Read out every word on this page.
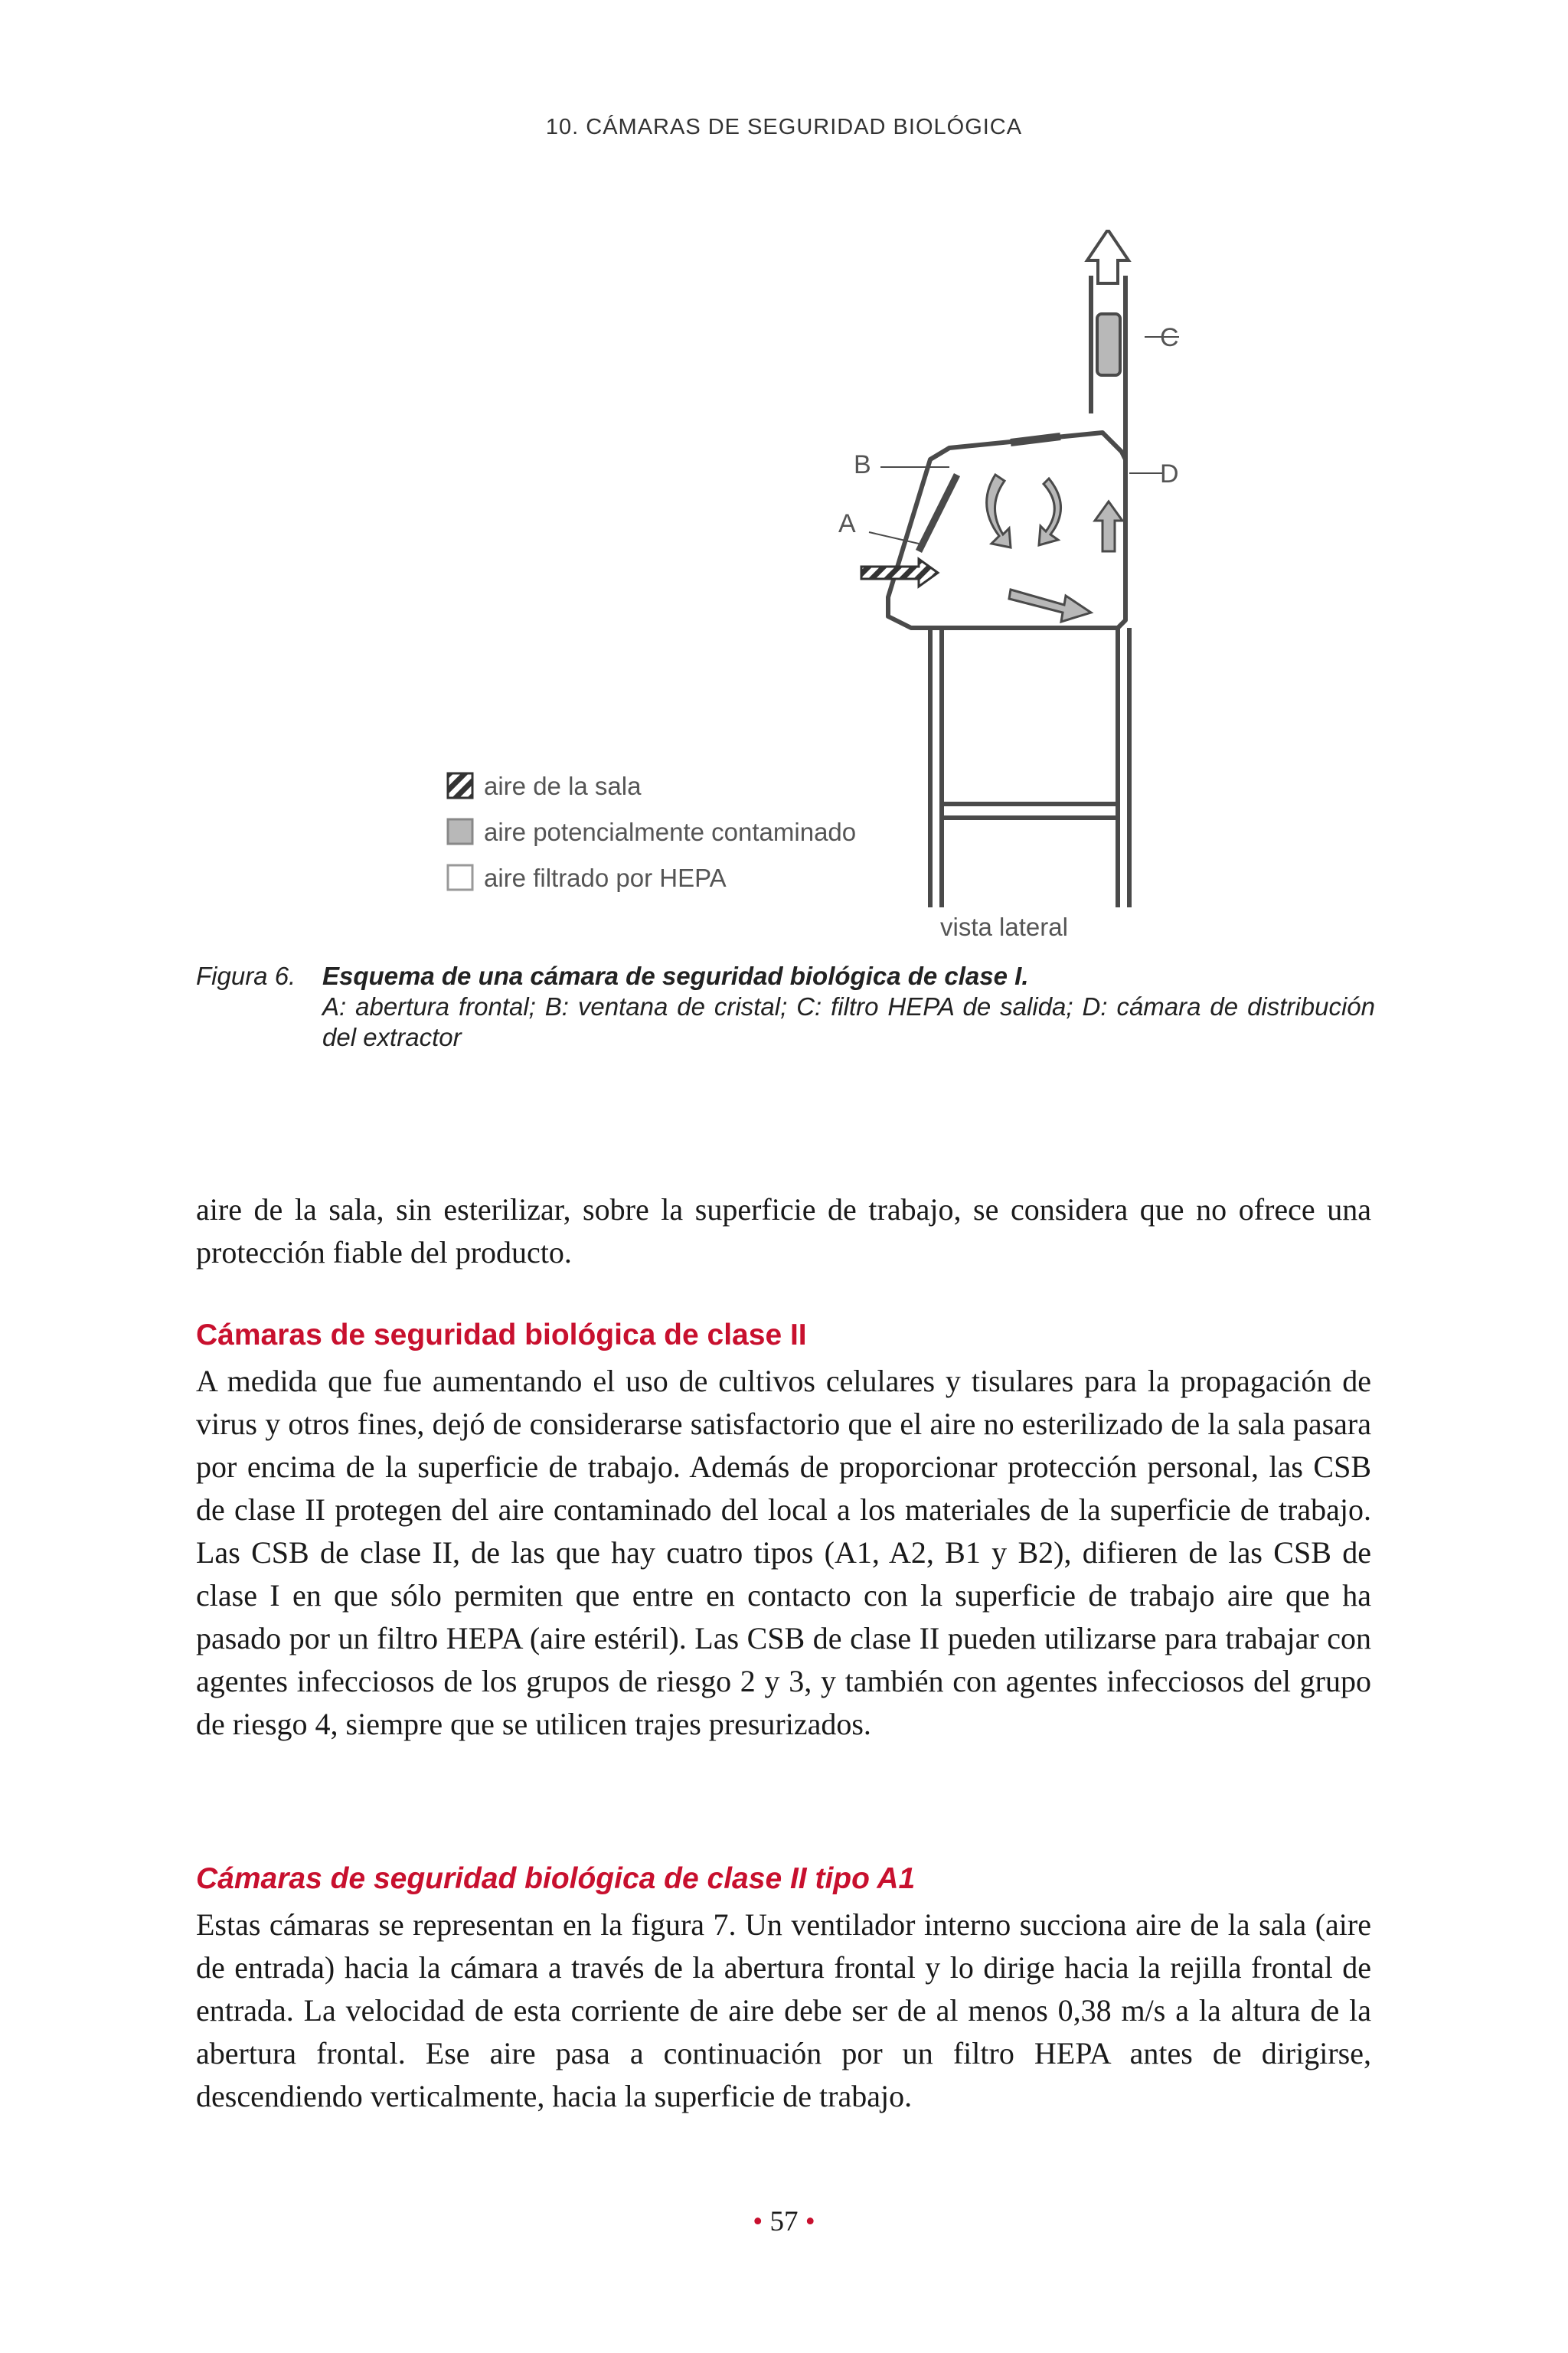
10. CÁMARAS DE SEGURIDAD BIOLÓGICA
B
A
C
D
aire de la sala
aire potencialmente contaminado
aire filtrado por HEPA
vista lateral
Figura 6. Esquema de una cámara de seguridad biológica de clase I.
A: abertura frontal; B: ventana de cristal; C: filtro HEPA de salida; D: cámara de distribución del extractor

aire de la sala, sin esterilizar, sobre la superficie de trabajo, se considera que no ofrece una protección fiable del producto.

Cámaras de seguridad biológica de clase II

A medida que fue aumentando el uso de cultivos celulares y tisulares para la propagación de virus y otros fines, dejó de considerarse satisfactorio que el aire no esterilizado de la sala pasara por encima de la superficie de trabajo. Además de proporcionar protección personal, las CSB de clase II protegen del aire contaminado del local a los materiales de la superficie de trabajo. Las CSB de clase II, de las que hay cuatro tipos (A1, A2, B1 y B2), difieren de las CSB de clase I en que sólo permiten que entre en contacto con la superficie de trabajo aire que ha pasado por un filtro HEPA (aire estéril). Las CSB de clase II pueden utilizarse para trabajar con agentes infecciosos de los grupos de riesgo 2 y 3, y también con agentes infecciosos del grupo de riesgo 4, siempre que se utilicen trajes presurizados.

Cámaras de seguridad biológica de clase II tipo A1

Estas cámaras se representan en la figura 7. Un ventilador interno succiona aire de la sala (aire de entrada) hacia la cámara a través de la abertura frontal y lo dirige hacia la rejilla frontal de entrada. La velocidad de esta corriente de aire debe ser de al menos 0,38 m/s a la altura de la abertura frontal. Ese aire pasa a continuación por un filtro HEPA antes de dirigirse, descendiendo verticalmente, hacia la superficie de trabajo.

• 57 •
